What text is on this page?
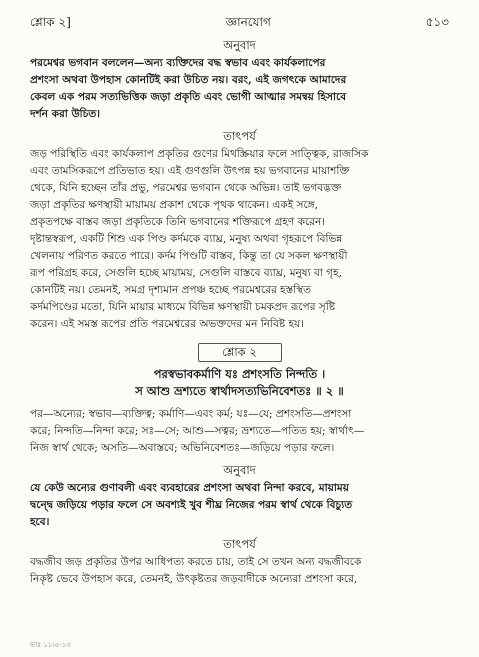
শ্লোক ২]	জ্ঞানযোগ	৫১৩
অনুবাদ
পরমেশ্বর ভগবান বললেন—অন্য ব্যক্তিদের বদ্ধ স্বভাব এবং কার্যকলাপের
প্রশংসা অথবা উপহাস কোনটিই করা উচিত নয়। বরং, এই জগৎকে আমাদের
কেবল এক পরম সত্যভিত্তিক জড়া প্রকৃতি এবং ভোগী আত্মার সমন্বয় হিসাবে
দর্শন করা উচিত।
তাৎপর্য
জড় পরিস্থিতি এবং কার্যকলাপ প্রকৃতির গুণের মিথস্ক্রিয়ার ফলে সাত্ত্বিক, রাজসিক
এবং তামসিকরূপে প্রতিভাত হয়। এই গুণগুলি উৎপন্ন হয় ভগবানের মায়াশক্তি
থেকে, যিনি হচ্ছেন তাঁর প্রভু, পরমেশ্বর ভগবান থেকে অভিন্ন। তাই ভগবদ্ভক্ত
জড়া প্রকৃতির ক্ষণস্থায়ী মায়াময় প্রকাশ থেকে পৃথক থাকেন। একই সঙ্গে,
প্রকৃতপক্ষে বাস্তব জড়া প্রকৃতিকে তিনি ভগবানের শক্তিরূপে গ্রহণ করেন।
দৃষ্টান্তস্বরূপ, একটি শিশু এক পিণ্ড কর্দমকে ব্যাঘ্র, মনুষ্য অথবা গৃহরূপে বিভিন্ন
খেলনায় পরিণত করতে পারে। কর্দম পিণ্ডটি বাস্তব, কিন্তু তা যে সকল ক্ষণস্থায়ী
রূপ পরিগ্রহ করে, সেগুলি হচ্ছে মায়াময়, সেগুলি বাস্তবে ব্যাঘ্র, মনুষ্য বা গৃহ,
কোনটিই নয়। তেমনই, সমগ্র দৃশ্যমান প্রপঞ্চ হচ্ছে পরমেশ্বরের হস্তস্থিত
কর্দমপিণ্ডের মতো, যিনি মায়ার মাধ্যমে বিভিন্ন ক্ষণস্থায়ী চমকপ্রদ রূপের সৃষ্টি
করেন। এই সমস্ত রূপের প্রতি পরমেশ্বরের অভক্তদের মন নিবিষ্ট হয়।
শ্লোক ২
পরস্বভাবকর্মাণি যঃ প্রশংসতি নিন্দতি ।
স আশু ভ্রশ্যতে স্বার্থাদসত্যভিনিবেশতঃ ॥ ২ ॥
পর—অন্যের; স্বভাব—ব্যক্তিত্ব; কর্মাণি—এবং কর্ম; যঃ—যে; প্রশংসতি—প্রশংসা
করে; নিন্দতি—নিন্দা করে; সঃ—সে; আশু—সত্বর; ভ্রশ্যতে—পতিত হয়; স্বার্থাৎ—
নিজ স্বার্থ থেকে; অসতি—অবাস্তবে; অভিনিবেশতঃ—জড়িয়ে পড়ার ফলে।
অনুবাদ
যে কেউ অন্যের গুণাবলী এবং ব্যবহারের প্রশংসা অথবা নিন্দা করবে, মায়াময়
দ্বন্দ্বে জড়িয়ে পড়ার ফলে সে অবশ্যই খুব শীঘ্র নিজের পরম স্বার্থ থেকে বিচ্যুত
হবে।
তাৎপর্য
বদ্ধজীব জড় প্রকৃতির উপর আধিপত্য করতে চায়, তাই সে তখন অন্য বদ্ধজীবকে
নিকৃষ্ট ভেবে উপহাস করে, তেমনই, উৎকৃষ্টতর জড়বাদীকে অন্যেরা প্রশংসা করে,
ভাঃ ১১।৫-১৩
